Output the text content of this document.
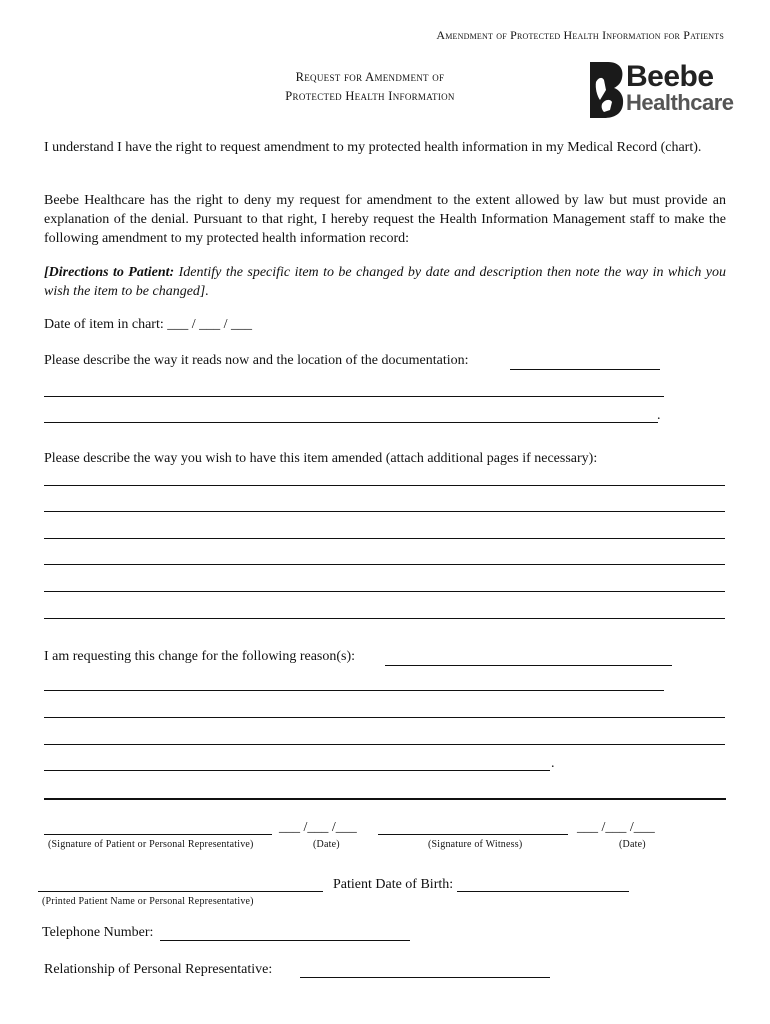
Amendment of Protected Health Information for Patients
Request for Amendment of
Protected Health Information
Beebe
Healthcare
I understand I have the right to request amendment to my protected health information in my Medical Record (chart).
Beebe Healthcare has the right to deny my request for amendment to the extent allowed by law but must provide an explanation of the denial. Pursuant to that right, I hereby request the Health Information Management staff to make the following amendment to my protected health information record:
[Directions to Patient: Identify the specific item to be changed by date and description then note the way in which you wish the item to be changed].
Date of item in chart: ___ / ___ / ___
Please describe the way it reads now and the location of the documentation:
.
Please describe the way you wish to have this item amended (attach additional pages if necessary):
I am requesting this change for the following reason(s):
.
___ /___ /___	___ /___ /___
(Signature of Patient or Personal Representative)	(Date)	(Signature of Witness)	(Date)
Patient Date of Birth:
(Printed Patient Name or Personal Representative)
Telephone Number:
Relationship of Personal Representative:
